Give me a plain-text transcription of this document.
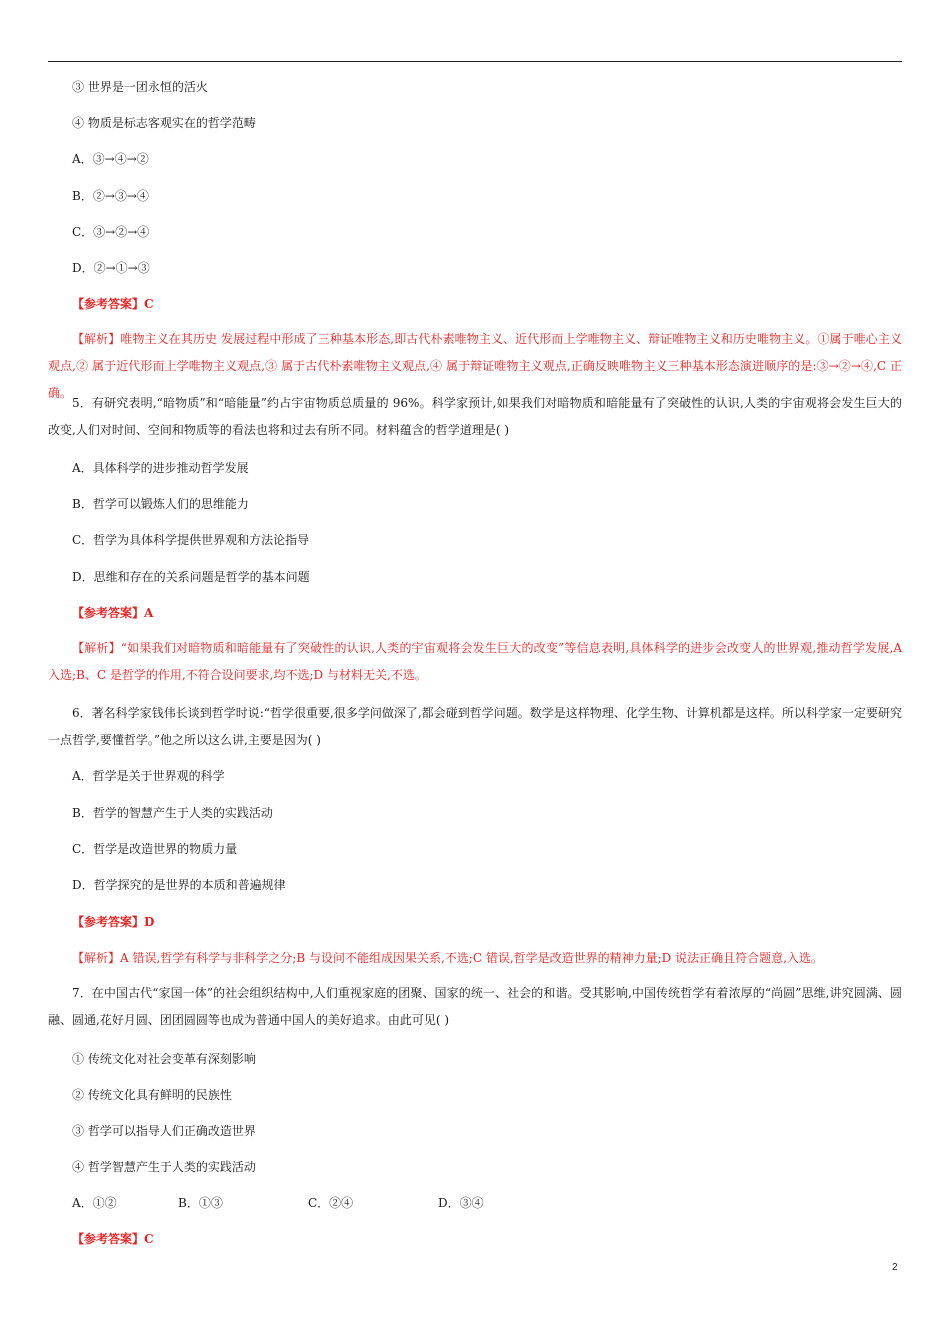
③ 世界是一团永恒的活火
④ 物质是标志客观实在的哲学范畴
A．③→④→②
B．②→③→④
C．③→②→④
D．②→①→③
【参考答案】C
【解析】唯物主义在其历史 发展过程中形成了三种基本形态,即古代朴素唯物主义、近代形而上学唯物主义、辩证唯物主义和历史唯物主义。①属于唯心主义观点,② 属于近代形而上学唯物主义观点,③ 属于古代朴素唯物主义观点,④ 属于辩证唯物主义观点,正确反映唯物主义三种基本形态演进顺序的是:③→②→④,C 正确。
5．有研究表明,“暗物质”和“暗能量”约占宇宙物质总质量的 96%。科学家预计,如果我们对暗物质和暗能量有了突破性的认识,人类的宇宙观将会发生巨大的改变,人们对时间、空间和物质等的看法也将和过去有所不同。材料蕴含的哲学道理是( )
A．具体科学的进步推动哲学发展
B．哲学可以锻炼人们的思维能力
C．哲学为具体科学提供世界观和方法论指导
D．思维和存在的关系问题是哲学的基本问题
【参考答案】A
【解析】“如果我们对暗物质和暗能量有了突破性的认识,人类的宇宙观将会发生巨大的改变”等信息表明,具体科学的进步会改变人的世界观,推动哲学发展,A 入选;B、C 是哲学的作用,不符合设问要求,均不选;D 与材料无关,不选。
6．著名科学家钱伟长谈到哲学时说:“哲学很重要,很多学问做深了,都会碰到哲学问题。数学是这样物理、化学生物、计算机都是这样。所以科学家一定要研究一点哲学,要懂哲学。”他之所以这么讲,主要是因为( )
A．哲学是关于世界观的科学
B．哲学的智慧产生于人类的实践活动
C．哲学是改造世界的物质力量
D．哲学探究的是世界的本质和普遍规律
【参考答案】D
【解析】A 错误,哲学有科学与非科学之分;B 与设问不能组成因果关系,不选;C 错误,哲学是改造世界的精神力量;D 说法正确且符合题意,入选。
7．在中国古代“家国一体”的社会组织结构中,人们重视家庭的团聚、国家的统一、社会的和谐。受其影响,中国传统哲学有着浓厚的“尚圆”思维,讲究圆满、圆融、圆通,花好月圆、团团圆圆等也成为普通中国人的美好追求。由此可见( )
① 传统文化对社会变革有深刻影响
② 传统文化具有鲜明的民族性
③ 哲学可以指导人们正确改造世界
④ 哲学智慧产生于人类的实践活动
A．①②	B．①③	C．②④	D．③④
【参考答案】C
2
